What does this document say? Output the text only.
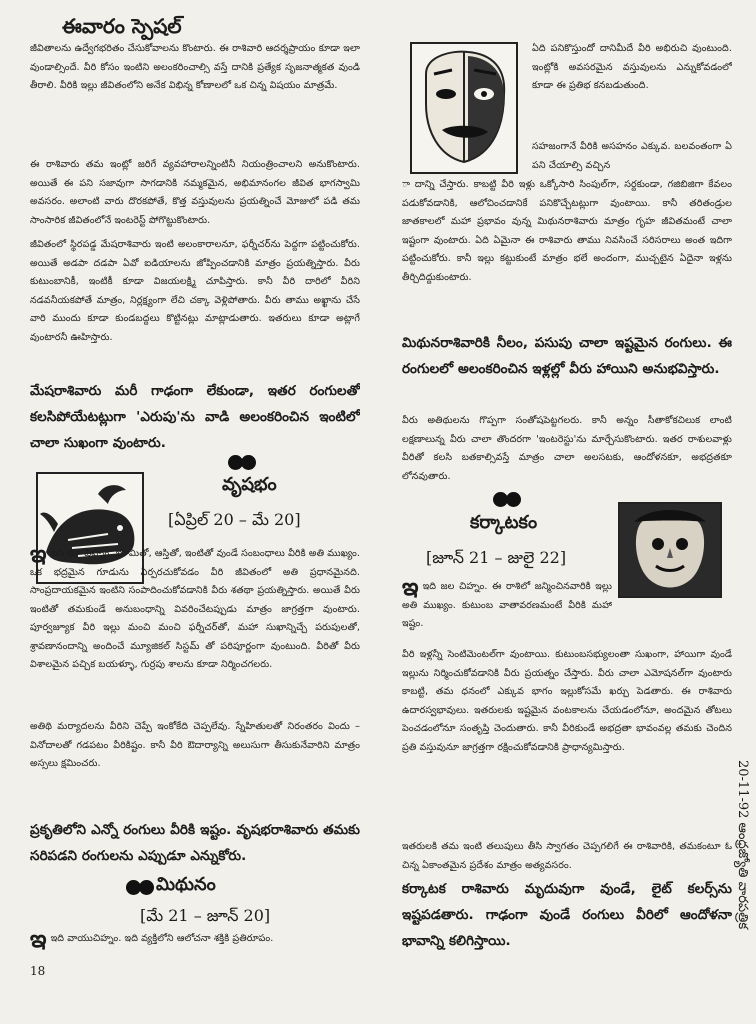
ఈవారం స్పెషల్
జీవితాలను ఉద్వేగభరితం చేసుకోవాలను కొంటారు. ఈ రాశివారి ఆదర్శప్రాయం కూడా ఇలా వుండాల్సిందే. వీరి కోసం ఇంటిని అలంకరించాల్సి వస్తే దానికి ప్రత్యేక సృజనాత్మకత వుండి తీరాలి. వీరికి ఇల్లు జీవితంలోని అనేక విభిన్న కోణాలలో ఒక చిన్న విషయం మాత్రమే.
ఈ రాశివారు తమ ఇంట్లో జరిగే వ్యవహారాలన్నింటినీ నియంత్రించాలని అనుకొంటారు. అయితే ఈ పని సజావుగా సాగడానికి నమ్మకమైన, అభిమానంగల జీవిత భాగస్వామి అవసరం. అలాంటి వారు దొరకపోతే, కొత్త వస్తువులను ప్రయత్నించే మోజులో పడి తమ సాంసారిక జీవితంలోనే ఇంటరెస్ట్ పోగొట్టుకొంటారు.
జీవితంలో స్థిరపడ్డ మేషరాశివారు ఇంటి అలంకారాలనూ, ఫర్నీచర్‌ను పెద్దగా పట్టించుకోరు. అయితే అడపా దడపా ఏవో ఐడియాలను జోప్పించడానికి మాత్రం ప్రయత్నిస్తారు. వీరు కుటుంబానికీ, ఇంటికీ కూడా విజయలక్ష్మి చూపిస్తారు. కానీ వీరి దారిలో వీరిని నడవనీయకపోతే మాత్రం, నిర్లక్ష్యంగా లేచి చక్కా వెళ్లిపోతారు. వీరు తాము అఖ్ఖాను చేసే వారి ముందు కూడా కుండబద్దలు కొట్టినట్లు మాట్లాడుతారు. ఇతరులు కూడా అట్లాగే వుంటారనీ ఊహిస్తారు.
మేషరాశివారు మరీ గాఢంగా లేకుండా, ఇతర రంగులతో కలసిపోయేటట్లుగా 'ఎరుపు'ను వాడి అలంకరించిన ఇంటిలో చాలా సుఖంగా వుంటారు.
వృషభం
[ఏప్రిల్ 20 – మే 20]
ఇ ఇది భూ చిహ్నం. భూమితో, ఆస్తితో, ఇంటితో వుండే సంబంధాలు వీరికి అతి ముఖ్యం. ఒక భద్రమైన గూడును ఏర్పరచుకోవడం వీరి జీవితంలో అతి ప్రధానమైనది. సాంప్రదాయకమైన ఇంటిని సంపాదించుకోవడానికి వీరు శతథా ప్రయత్నిస్తారు. అయితే వీరు ఇంటితో తమకుండే అనుబంధాన్ని వివరించేటప్పుడు మాత్రం జాగ్రత్తగా వుంటారు. పూర్వజ్యూక వీరి ఇల్లు మంచి మంచి ఫర్నీచర్‌తో, మహా సుఖాన్నిచ్చే పరుపులతో, శ్రావణానందాన్ని అందించే మ్యూజికల్ సిస్టమ్ తో పరిపూర్ణంగా వుంటుంది. వీరితో వీరు విశాలమైన పచ్చిక బయళ్ళూ, గుర్రపు శాలను కూడా నిర్మించగలరు.
అతిథి మర్యాదలను వీరిని చెప్పే ఇంకోకేది చెప్పలేవు. స్నేహితులతో నిరంతరం విందు – వినోదాలతో గడపటం వీరికిష్టం. కానీ వీరి ఔదార్యాన్ని అలుసుగా తీసుకునేవారిని మాత్రం అస్సలు క్షమించరు.
ప్రకృతిలోని ఎన్నో రంగులు వీరికి ఇష్టం. వృషభరాశివారు తమకు సరిపడని రంగులను ఎప్పుడూ ఎన్నుకోరు.
మిథునం
[మే 21 – జూన్ 20]
ఇ ఇది వాయుచిహ్నం. ఇది వ్యక్తిలోని ఆలోచనా శక్తికి ప్రతిరూపం.
18
ఏది పనికొస్తుందో దానిమీదే వీరి అభిరుచి వుంటుంది. ఇంట్లోకి అవసరమైన వస్తువులను ఎన్నుకోవడంలో కూడా ఈ ప్రతిభ కనబడుతుంది.
సహజంగానే వీరికి అసహనం ఎక్కువ. బలవంతంగా ఏ పని చేయాల్సి వచ్చిన
ా దాన్ని చేస్తారు. కాబట్టి వీరి ఇళ్లు ఒక్కోసారి సింపుల్‌గా, సర్దకుండా, గజిబిజిగా కేవలం పడుకోవడానికి, ఆలోచించడానికే పనికొచ్చేటట్లుగా వుంటాయి. కానీ తరితండ్రుల జాతకాలలో మహా ప్రభావం వున్న మిథునరాశివారు మాత్రం గృహ జీవితమంటే చాలా ఇష్టంగా వుంటారు. ఏది ఏమైనా ఈ రాశివారు తాము నివసించే సరిసరాలు అంత ఇదిగా పట్టించుకోరు. కానీ ఇల్లు కట్టుకుంటే మాత్రం భలే అందంగా, ముచ్చటైన ఏదైనా ఇళ్లను తీర్చిదిద్దుకుంటారు.
మిథునరాశివారికి నీలం, పసుపు చాలా ఇష్టమైన రంగులు. ఈ రంగులలో అలంకరించిన ఇళ్లల్లో వీరు హాయిని అనుభవిస్తారు.
వీరు అతిథులను గొప్పగా సంతోషపెట్టగలరు. కానీ అన్నం సీతాకోకచిలుక లాంటి లక్షణాలున్న వీరు చాలా తొందరగా 'ఇంటరెస్టు'ను మార్చేసుకొంటారు. ఇతర రాశులవాళ్లు వీరితో కలసి బతకాల్సివస్తే మాత్రం చాలా అలసటకు, ఆందోళనకూ, అభద్రతకూ లోనవుతారు.
కర్కాటకం
[జూన్ 21 – జులై 22]
ఇ ఇది జల చిహ్నం. ఈ రాశిలో జన్మించినవారికి ఇల్లు అతి ముఖ్యం. కుటుంబ వాతావరణమంటే వీరికి మహా ఇష్టం.
వీరి ఇళ్లన్నీ సెంటిమెంటల్‌గా వుంటాయి. కుటుంబసభ్యులంతా సుఖంగా, హాయిగా వుండే ఇల్లును నిర్మించుకోవడానికి వీరు ప్రయత్నం చేస్తారు. వీరు చాలా ఎమోషనల్‌గా వుంటారు కాబట్టి, తమ ధనంలో ఎక్కువ భాగం ఇల్లుకోసమే ఖర్చు పెడతారు. ఈ రాశివారు ఉదారస్వభావులు. ఇతరులకు ఇష్టమైన వంటకాలను చేయడంలోనూ, అందమైన తోటలు పెంచడంలోనూ సంతృప్తి చెందుతారు. కానీ వీరికుండే అభద్రతా భావంవల్ల తమకు చెందిన ప్రతి వస్తువునూ జాగ్రత్తగా రక్షించుకోవడానికి ప్రాధాన్యమిస్తారు.
ఇతరులకి తమ ఇంటి తలుపులు తీసి స్వాగతం చెప్పగలిగే ఈ రాశివారికి, తమకంటూ ఓ చిన్న ఏకాంతమైన ప్రదేశం మాత్రం అత్యవసరం.
కర్కాటక రాశివారు మృదువుగా వుండే, లైట్ కలర్స్‌ను ఇష్టపడతారు. గాఢంగా వుండే రంగులు వీరిలో ఆందోళనా భావాన్ని కలిగిస్తాయి.
20-11-92 ఆంధ్రజ్యోతి వారపత్రిక
